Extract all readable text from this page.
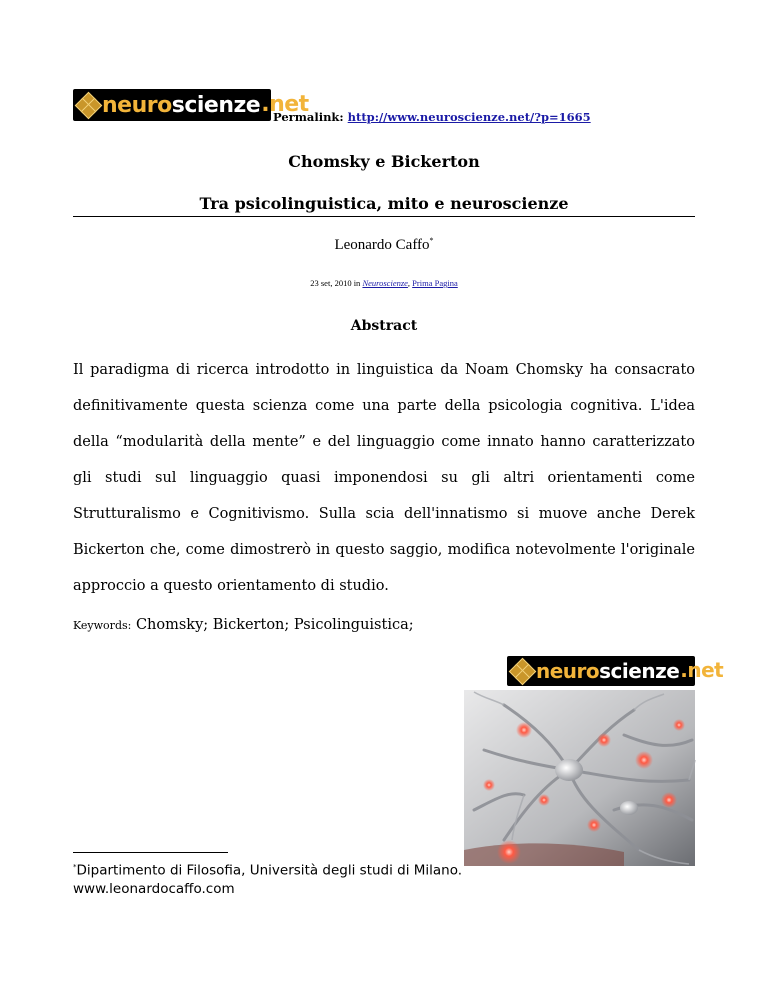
neuroscienze .net
Permalink: http://www.neuroscienze.net/?p=1665
Chomsky e Bickerton
Tra psicolinguistica, mito e neuroscienze
Leonardo Caffo*
23 set, 2010 in Neuroscienze, Prima Pagina
Abstract
Il paradigma di ricerca introdotto in linguistica da Noam Chomsky ha consacrato definitivamente questa scienza come una parte della psicologia cognitiva. L'idea della “modularità della mente” e del linguaggio come innato hanno caratterizzato gli studi sul linguaggio quasi imponendosi su gli altri orientamenti come Strutturalismo e Cognitivismo. Sulla scia dell'innatismo si muove anche Derek Bickerton che, come dimostrerò in questo saggio, modifica notevolmente l'originale approccio a questo orientamento di studio.
Keywords: Chomsky; Bickerton; Psicolinguistica;
neuroscienze .net
*Dipartimento di Filosofia, Università degli studi di Milano.
www.leonardocaffo.com
